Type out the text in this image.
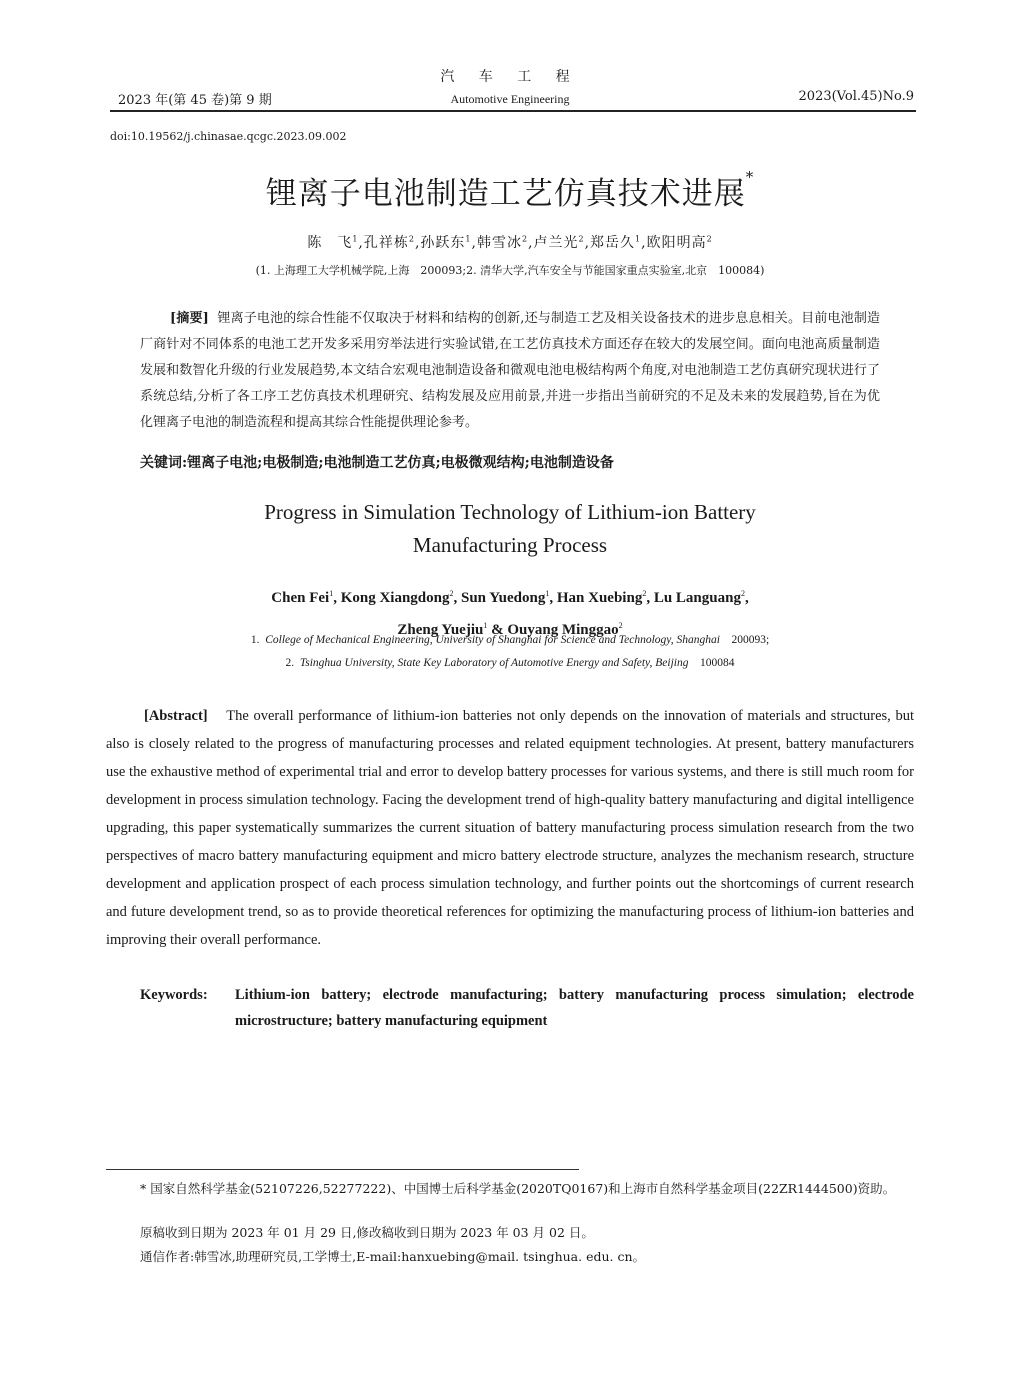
汽 车 工 程
2023 年(第 45 卷)第 9 期	Automotive Engineering	2023(Vol.45)No.9
doi:10.19562/j.chinasae.qcgc.2023.09.002
锂离子电池制造工艺仿真技术进展*
陈　飞$^1$,孔祥栋$^2$,孙跃东$^1$,韩雪冰$^2$,卢兰光$^2$,郑岳久$^1$,欧阳明高$^2$
(1. 上海理工大学机械学院,上海　200093;2. 清华大学,汽车安全与节能国家重点实验室,北京　100084)
[摘要] 锂离子电池的综合性能不仅取决于材料和结构的创新,还与制造工艺及相关设备技术的进步息息相关。目前电池制造厂商针对不同体系的电池工艺开发多采用穷举法进行实验试错,在工艺仿真技术方面还存在较大的发展空间。面向电池高质量制造发展和数智化升级的行业发展趋势,本文结合宏观电池制造设备和微观电池电极结构两个角度,对电池制造工艺仿真研究现状进行了系统总结,分析了各工序工艺仿真技术机理研究、结构发展及应用前景,并进一步指出当前研究的不足及未来的发展趋势,旨在为优化锂离子电池的制造流程和提高其综合性能提供理论参考。
关键词:锂离子电池;电极制造;电池制造工艺仿真;电极微观结构;电池制造设备
Progress in Simulation Technology of Lithium-ion Battery
Manufacturing Process
Chen Fei$^1$, Kong Xiangdong$^2$, Sun Yuedong$^1$, Han Xuebing$^2$, Lu Languang$^2$,
Zheng Yuejiu$^1$ & Ouyang Minggao$^2$
1. College of Mechanical Engineering, University of Shanghai for Science and Technology, Shanghai 200093;
2. Tsinghua University, State Key Laboratory of Automotive Energy and Safety, Beijing 100084
[Abstract] The overall performance of lithium-ion batteries not only depends on the innovation of materials and structures, but also is closely related to the progress of manufacturing processes and related equipment technologies. At present, battery manufacturers use the exhaustive method of experimental trial and error to develop battery processes for various systems, and there is still much room for development in process simulation technology. Facing the development trend of high-quality battery manufacturing and digital intelligence upgrading, this paper systematically summarizes the current situation of battery manufacturing process simulation research from the two perspectives of macro battery manufacturing equipment and micro battery electrode structure, analyzes the mechanism research, structure development and application prospect of each process simulation technology, and further points out the shortcomings of current research and future development trend, so as to provide theoretical references for optimizing the manufacturing process of lithium-ion batteries and improving their overall performance.
Keywords: Lithium-ion battery; electrode manufacturing; battery manufacturing process simulation; electrode microstructure; battery manufacturing equipment
* 国家自然科学基金(52107226,52277222)、中国博士后科学基金(2020TQ0167)和上海市自然科学基金项目(22ZR1444500)资助。
原稿收到日期为 2023 年 01 月 29 日,修改稿收到日期为 2023 年 03 月 02 日。
通信作者:韩雪冰,助理研究员,工学博士,E-mail:hanxuebing@mail. tsinghua. edu. cn。
